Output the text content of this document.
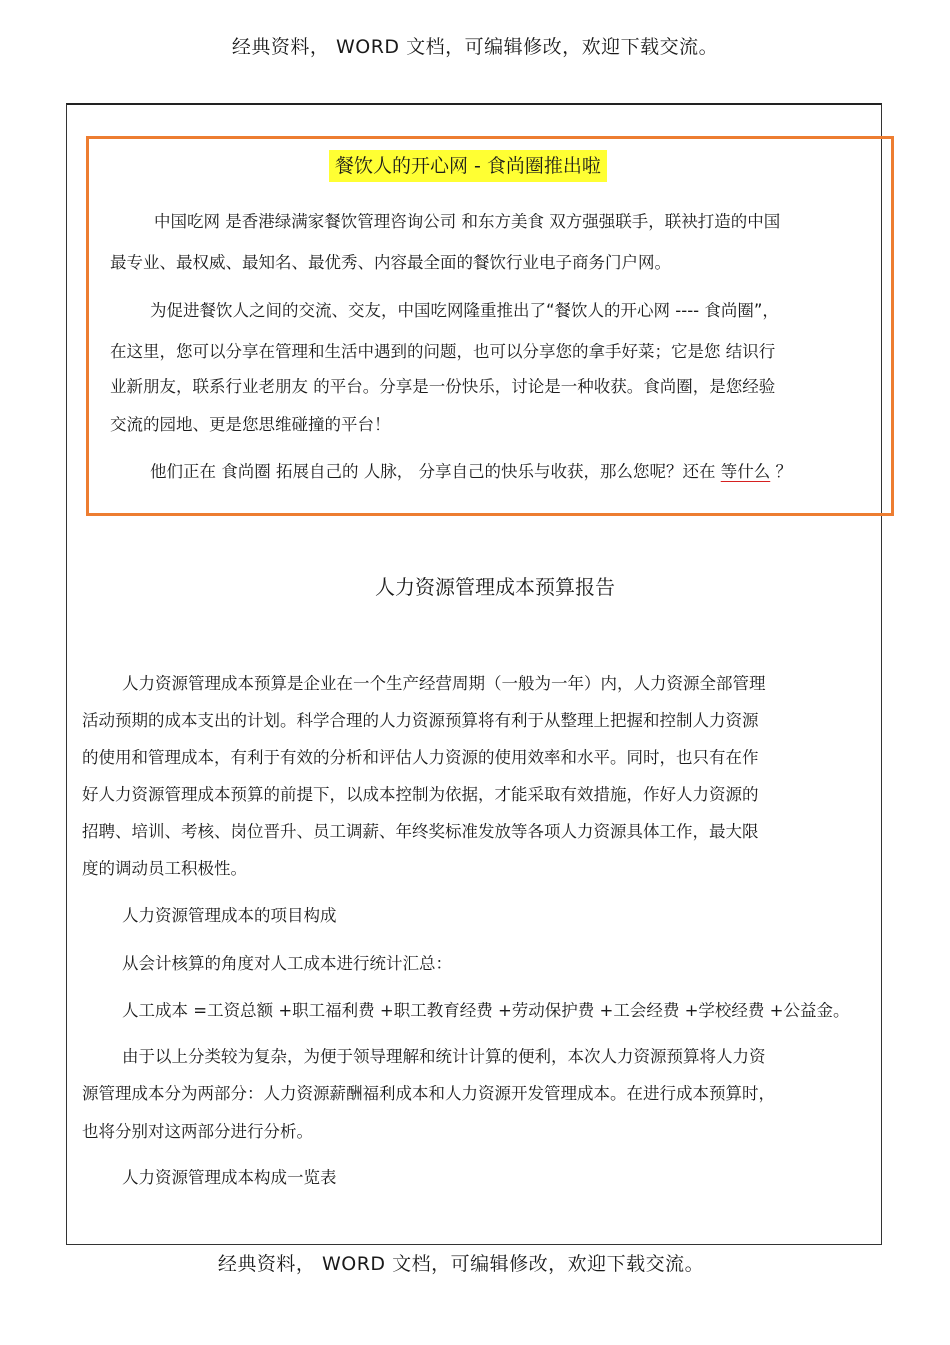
经典资料， WORD 文档，可编辑修改，欢迎下载交流。
餐饮人的开心网 - 食尚圈推出啦
中国吃网 是香港绿满家餐饮管理咨询公司 和东方美食 双方强强联手，联袂打造的中国
最专业、最权威、最知名、最优秀、内容最全面的餐饮行业电子商务门户网。
为促进餐饮人之间的交流、交友，中国吃网隆重推出了“餐饮人的开心网 ---- 食尚圈”，
在这里，您可以分享在管理和生活中遇到的问题，也可以分享您的拿手好菜；它是您 结识行
业新朋友，联系行业老朋友 的平台。分享是一份快乐，讨论是一种收获。食尚圈，是您经验
交流的园地、更是您思维碰撞的平台！
他们正在 食尚圈 拓展自己的 人脉， 分享自己的快乐与收获，那么您呢？还在 等什么 ？
人力资源管理成本预算报告
人力资源管理成本预算是企业在一个生产经营周期（一般为一年）内，人力资源全部管理
活动预期的成本支出的计划。科学合理的人力资源预算将有利于从整理上把握和控制人力资源
的使用和管理成本，有利于有效的分析和评估人力资源的使用效率和水平。同时，也只有在作
好人力资源管理成本预算的前提下，以成本控制为依据，才能采取有效措施，作好人力资源的
招聘、培训、考核、岗位晋升、员工调薪、年终奖标准发放等各项人力资源具体工作，最大限
度的调动员工积极性。
人力资源管理成本的项目构成
从会计核算的角度对人工成本进行统计汇总：
人工成本 =工资总额 +职工福利费 +职工教育经费 +劳动保护费 +工会经费 +学校经费 +公益金。
由于以上分类较为复杂，为便于领导理解和统计计算的便利，本次人力资源预算将人力资
源管理成本分为两部分：人力资源薪酬福利成本和人力资源开发管理成本。在进行成本预算时，
也将分别对这两部分进行分析。
人力资源管理成本构成一览表
经典资料， WORD 文档，可编辑修改，欢迎下载交流。
